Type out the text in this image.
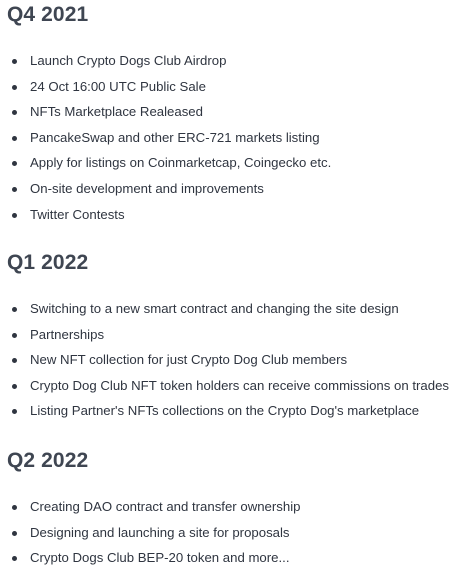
Q4 2021
Launch Crypto Dogs Club Airdrop
24 Oct 16:00 UTC Public Sale
NFTs Marketplace Realeased
PancakeSwap and other ERC-721 markets listing
Apply for listings on Coinmarketcap, Coingecko etc.
On-site development and improvements
Twitter Contests
Q1 2022
Switching to a new smart contract and changing the site design
Partnerships
New NFT collection for just Crypto Dog Club members
Crypto Dog Club NFT token holders can receive commissions on trades
Listing Partner's NFTs collections on the Crypto Dog's marketplace
Q2 2022
Creating DAO contract and transfer ownership
Designing and launching a site for proposals
Crypto Dogs Club BEP-20 token and more...
